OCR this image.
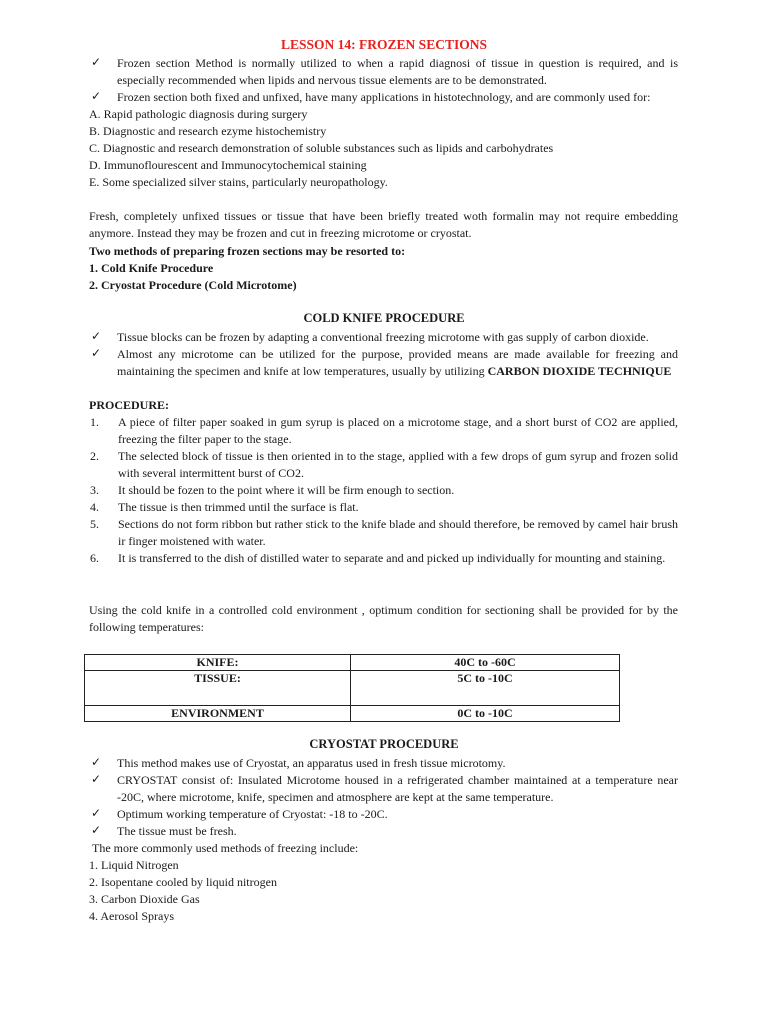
LESSON 14: FROZEN SECTIONS
✓ Frozen section Method is normally utilized to when a rapid diagnosi of tissue in question is required, and is especially recommended when lipids and nervous tissue elements are to be demonstrated.
✓ Frozen section both fixed and unfixed, have many applications in histotechnology, and are commonly used for:
A. Rapid pathologic diagnosis during surgery
B. Diagnostic and research ezyme histochemistry
C. Diagnostic and research demonstration of soluble substances such as lipids and carbohydrates
D. Immunoflourescent and Immunocytochemical staining
E. Some specialized silver stains, particularly neuropathology.
Fresh, completely unfixed tissues or tissue that have been briefly treated woth formalin may not require embedding anymore. Instead they may be frozen and cut in freezing microtome or cryostat.
Two methods of preparing frozen sections may be resorted to:
1. Cold Knife Procedure
2. Cryostat Procedure (Cold Microtome)
COLD KNIFE PROCEDURE
✓ Tissue blocks can be frozen by adapting a conventional freezing microtome with gas supply of carbon dioxide.
✓ Almost any microtome can be utilized for the purpose, provided means are made available for freezing and maintaining the specimen and knife at low temperatures, usually by utilizing CARBON DIOXIDE TECHNIQUE
PROCEDURE:
1. A piece of filter paper soaked in gum syrup is placed on a microtome stage, and a short burst of CO2 are applied, freezing the filter paper to the stage.
2. The selected block of tissue is then oriented in to the stage, applied with a few drops of gum syrup and frozen solid with several intermittent burst of CO2.
3. It should be fozen to the point where it will be firm enough to section.
4. The tissue is then trimmed until the surface is flat.
5. Sections do not form ribbon but rather stick to the knife blade and should therefore, be removed by camel hair brush ir finger moistened with water.
6. It is transferred to the dish of distilled water to separate and and picked up individually for mounting and staining.
Using the cold knife in a controlled cold environment , optimum condition for sectioning shall be provided for by the following temperatures:
KNIFE:	40C to -60C
TISSUE:	5C to -10C
ENVIRONMENT	0C to -10C
CRYOSTAT PROCEDURE
✓ This method makes use of Cryostat, an apparatus used in fresh tissue microtomy.
✓ CRYOSTAT consist of: Insulated Microtome housed in a refrigerated chamber maintained at a temperature near -20C, where microtome, knife, specimen and atmosphere are kept at the same temperature.
✓ Optimum working temperature of Cryostat: -18 to -20C.
✓ The tissue must be fresh.
The more commonly used methods of freezing include:
1. Liquid Nitrogen
2. Isopentane cooled by liquid nitrogen
3. Carbon Dioxide Gas
4. Aerosol Sprays
